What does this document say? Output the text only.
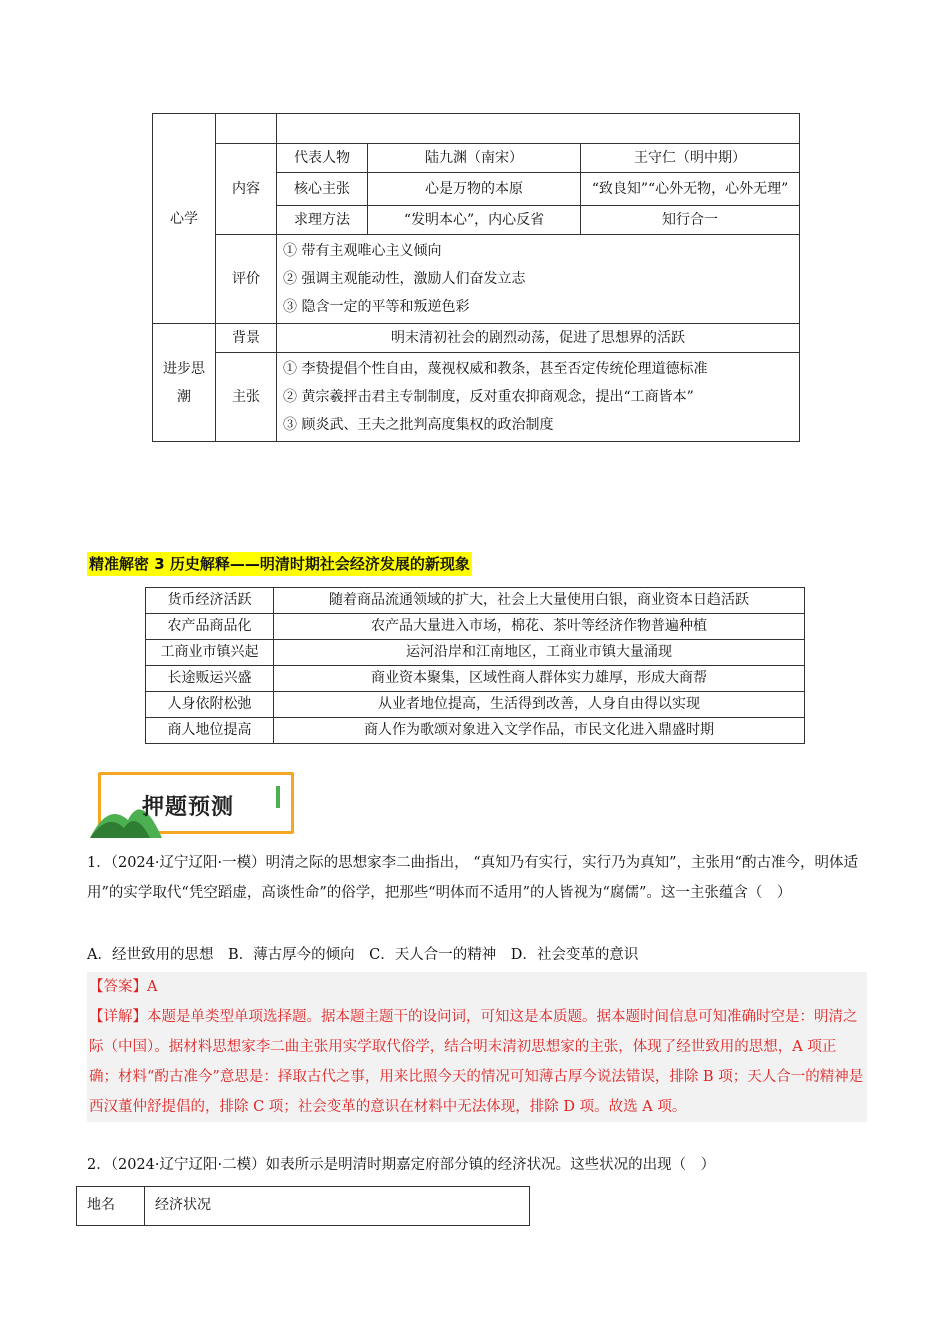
心学				
	内容	代表人物	陆九渊（南宋）	王守仁（明中期）
		核心主张	心是万物的本原	“致良知”“心外无物，心外无理”
		求理方法	“发明本心”，内心反省	知行合一
	评价	① 带有主观唯心主义倾向
② 强调主观能动性，激励人们奋发立志
③ 隐含一定的平等和叛逆色彩		

进步思潮	背景	明末清初社会的剧烈动荡，促进了思想界的活跃		
	主张	① 李贽提倡个性自由，蔑视权威和教条，甚至否定传统伦理道德标准
② 黄宗羲抨击君主专制制度，反对重农抑商观念，提出“工商皆本”
③ 顾炎武、王夫之批判高度集权的政治制度		
精准解密 3 历史解释——明清时期社会经济发展的新现象
货币经济活跃	随着商品流通领域的扩大，社会上大量使用白银，商业资本日趋活跃
农产品商品化	农产品大量进入市场，棉花、茶叶等经济作物普遍种植
工商业市镇兴起	运河沿岸和江南地区，工商业市镇大量涌现
长途贩运兴盛	商业资本聚集，区域性商人群体实力雄厚，形成大商帮
人身依附松弛	从业者地位提高，生活得到改善，人身自由得以实现
商人地位提高	商人作为歌颂对象进入文学作品，市民文化进入鼎盛时期
押题预测
1．（2024·辽宁辽阳·一模）明清之际的思想家李二曲指出， “真知乃有实行，实行乃为真知”，主张用“酌古准今，明体适用”的实学取代“凭空蹈虚，高谈性命”的俗学，把那些“明体而不适用”的人皆视为“腐儒”。这一主张蕴含（　）
A．经世致用的思想　B．薄古厚今的倾向　C．天人合一的精神　D．社会变革的意识
【答案】A
【详解】本题是单类型单项选择题。据本题主题干的设问词，可知这是本质题。据本题时间信息可知准确时空是：明清之际（中国）。据材料思想家李二曲主张用实学取代俗学，结合明末清初思想家的主张，体现了经世致用的思想，A 项正确；材料“酌古准今”意思是：择取古代之事，用来比照今天的情况可知薄古厚今说法错误，排除 B 项；天人合一的精神是西汉董仲舒提倡的，排除 C 项；社会变革的意识在材料中无法体现，排除 D 项。故选 A 项。
2．（2024·辽宁辽阳·二模）如表所示是明清时期嘉定府部分镇的经济状况。这些状况的出现（　）
地名	经济状况
